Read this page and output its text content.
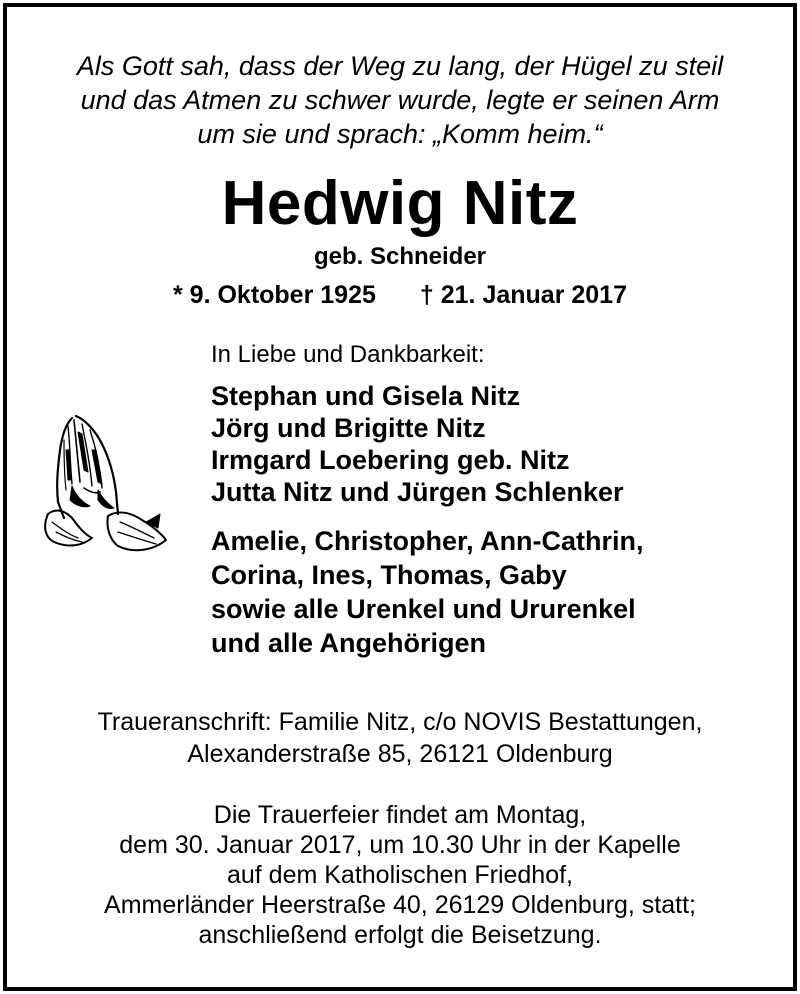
Als Gott sah, dass der Weg zu lang, der Hügel zu steil
und das Atmen zu schwer wurde, legte er seinen Arm
um sie und sprach: „Komm heim.“
Hedwig Nitz
geb. Schneider
* 9. Oktober 1925 † 21. Januar 2017
In Liebe und Dankbarkeit:
Stephan und Gisela Nitz
Jörg und Brigitte Nitz
Irmgard Loebering geb. Nitz
Jutta Nitz und Jürgen Schlenker
Amelie, Christopher, Ann-Cathrin,
Corina, Ines, Thomas, Gaby
sowie alle Urenkel und Ururenkel
und alle Angehörigen
Traueranschrift: Familie Nitz, c/o NOVIS Bestattungen,
Alexanderstraße 85, 26121 Oldenburg
Die Trauerfeier findet am Montag,
dem 30. Januar 2017, um 10.30 Uhr in der Kapelle
auf dem Katholischen Friedhof,
Ammerländer Heerstraße 40, 26129 Oldenburg, statt;
anschließend erfolgt die Beisetzung.
